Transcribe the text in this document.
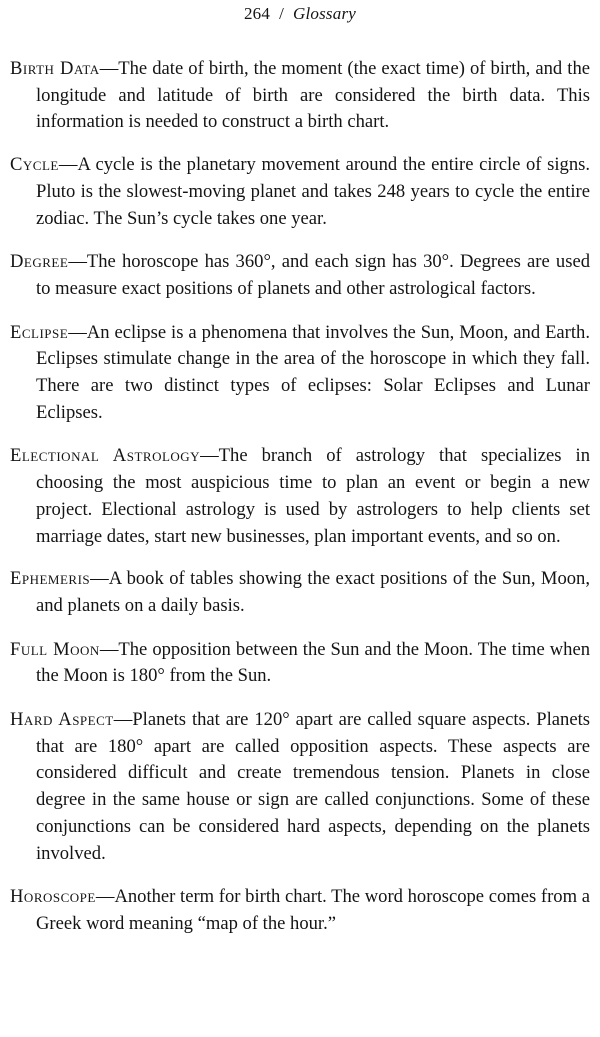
264 / Glossary

Birth Data—The date of birth, the moment (the exact time) of birth, and the longitude and latitude of birth are considered the birth data. This information is needed to construct a birth chart.

Cycle—A cycle is the planetary movement around the entire circle of signs. Pluto is the slowest-moving planet and takes 248 years to cycle the entire zodiac. The Sun’s cycle takes one year.

Degree—The horoscope has 360°, and each sign has 30°. Degrees are used to measure exact positions of planets and other astrological factors.

Eclipse—An eclipse is a phenomena that involves the Sun, Moon, and Earth. Eclipses stimulate change in the area of the horoscope in which they fall. There are two distinct types of eclipses: Solar Eclipses and Lunar Eclipses.

Electional Astrology—The branch of astrology that specializes in choosing the most auspicious time to plan an event or begin a new project. Electional astrology is used by astrologers to help clients set marriage dates, start new businesses, plan important events, and so on.

Ephemeris—A book of tables showing the exact positions of the Sun, Moon, and planets on a daily basis.

Full Moon—The opposition between the Sun and the Moon. The time when the Moon is 180° from the Sun.

Hard Aspect—Planets that are 120° apart are called square aspects. Planets that are 180° apart are called opposition aspects. These aspects are considered difficult and create tremendous tension. Planets in close degree in the same house or sign are called conjunctions. Some of these conjunctions can be considered hard aspects, depending on the planets involved.

Horoscope—Another term for birth chart. The word horoscope comes from a Greek word meaning “map of the hour.”
